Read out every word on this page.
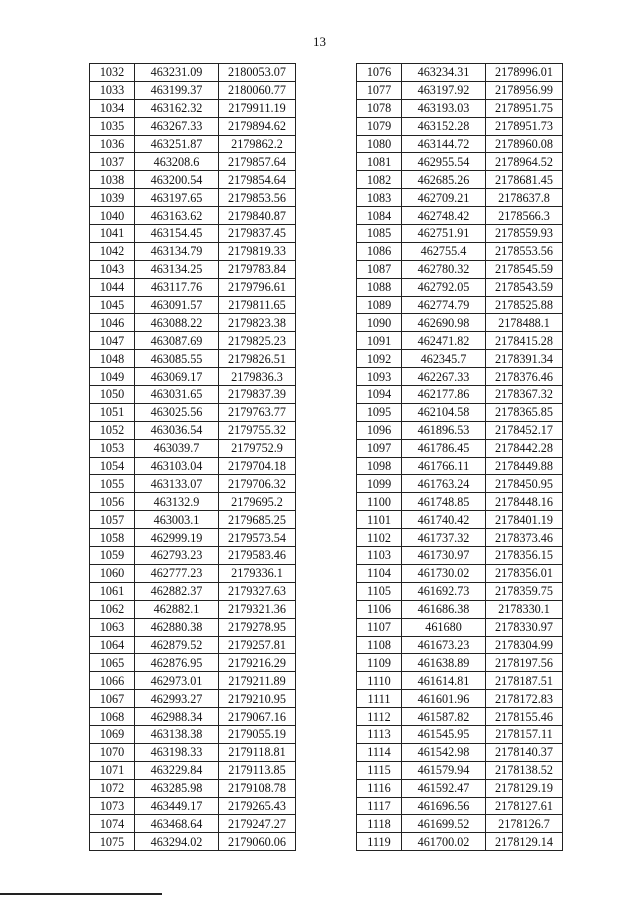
13
1032	463231.09	2180053.07
1033	463199.37	2180060.77
1034	463162.32	2179911.19
1035	463267.33	2179894.62
1036	463251.87	2179862.2
1037	463208.6	2179857.64
1038	463200.54	2179854.64
1039	463197.65	2179853.56
1040	463163.62	2179840.87
1041	463154.45	2179837.45
1042	463134.79	2179819.33
1043	463134.25	2179783.84
1044	463117.76	2179796.61
1045	463091.57	2179811.65
1046	463088.22	2179823.38
1047	463087.69	2179825.23
1048	463085.55	2179826.51
1049	463069.17	2179836.3
1050	463031.65	2179837.39
1051	463025.56	2179763.77
1052	463036.54	2179755.32
1053	463039.7	2179752.9
1054	463103.04	2179704.18
1055	463133.07	2179706.32
1056	463132.9	2179695.2
1057	463003.1	2179685.25
1058	462999.19	2179573.54
1059	462793.23	2179583.46
1060	462777.23	2179336.1
1061	462882.37	2179327.63
1062	462882.1	2179321.36
1063	462880.38	2179278.95
1064	462879.52	2179257.81
1065	462876.95	2179216.29
1066	462973.01	2179211.89
1067	462993.27	2179210.95
1068	462988.34	2179067.16
1069	463138.38	2179055.19
1070	463198.33	2179118.81
1071	463229.84	2179113.85
1072	463285.98	2179108.78
1073	463449.17	2179265.43
1074	463468.64	2179247.27
1075	463294.02	2179060.06
1076	463234.31	2178996.01
1077	463197.92	2178956.99
1078	463193.03	2178951.75
1079	463152.28	2178951.73
1080	463144.72	2178960.08
1081	462955.54	2178964.52
1082	462685.26	2178681.45
1083	462709.21	2178637.8
1084	462748.42	2178566.3
1085	462751.91	2178559.93
1086	462755.4	2178553.56
1087	462780.32	2178545.59
1088	462792.05	2178543.59
1089	462774.79	2178525.88
1090	462690.98	2178488.1
1091	462471.82	2178415.28
1092	462345.7	2178391.34
1093	462267.33	2178376.46
1094	462177.86	2178367.32
1095	462104.58	2178365.85
1096	461896.53	2178452.17
1097	461786.45	2178442.28
1098	461766.11	2178449.88
1099	461763.24	2178450.95
1100	461748.85	2178448.16
1101	461740.42	2178401.19
1102	461737.32	2178373.46
1103	461730.97	2178356.15
1104	461730.02	2178356.01
1105	461692.73	2178359.75
1106	461686.38	2178330.1
1107	461680	2178330.97
1108	461673.23	2178304.99
1109	461638.89	2178197.56
1110	461614.81	2178187.51
1111	461601.96	2178172.83
1112	461587.82	2178155.46
1113	461545.95	2178157.11
1114	461542.98	2178140.37
1115	461579.94	2178138.52
1116	461592.47	2178129.19
1117	461696.56	2178127.61
1118	461699.52	2178126.7
1119	461700.02	2178129.14
